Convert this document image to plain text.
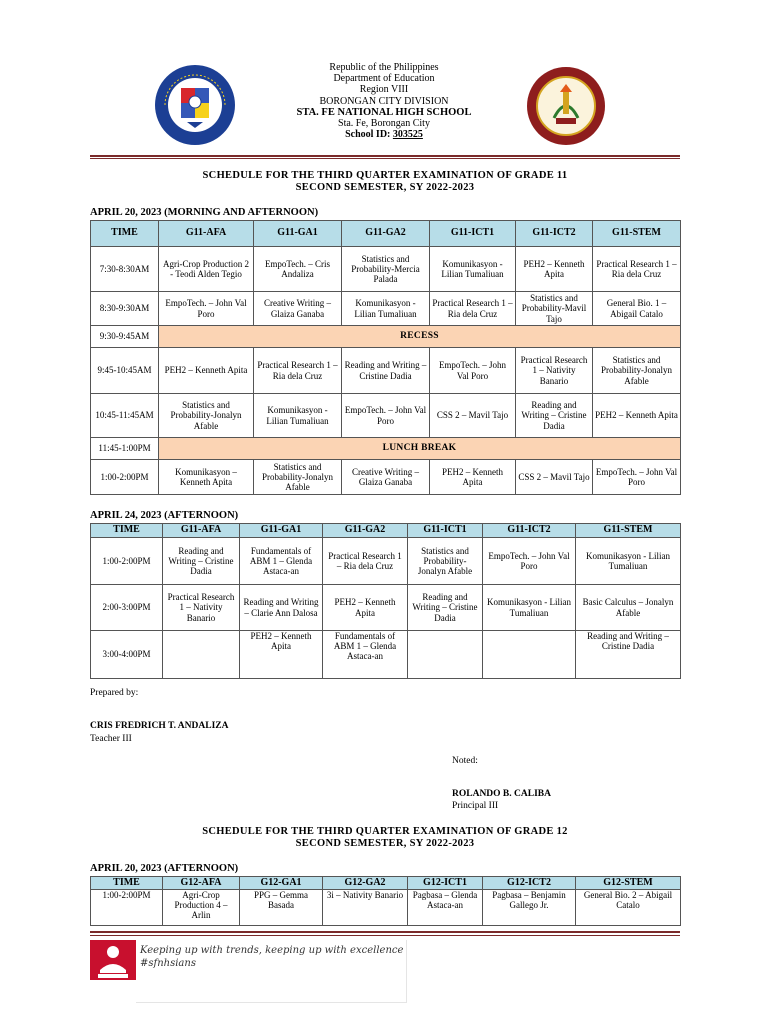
Republic of the Philippines
Department of Education
Region VIII
BORONGAN CITY DIVISION
STA. FE NATIONAL HIGH SCHOOL
Sta. Fe, Borongan City
School ID: 303525
SCHEDULE FOR THE THIRD QUARTER EXAMINATION OF GRADE 11
SECOND SEMESTER, SY 2022-2023
APRIL 20, 2023 (MORNING AND AFTERNOON)
TIME	G11-AFA	G11-GA1	G11-GA2	G11-ICT1	G11-ICT2	G11-STEM
7:30-8:30AM	Agri-Crop Production 2 - Teodi Alden Tegio	EmpoTech. – Cris Andaliza	Statistics and Probability-Mercia Palada	Komunikasyon - Lilian Tumaliuan	PEH2 – Kenneth Apita	Practical Research 1 – Ria dela Cruz
8:30-9:30AM	EmpoTech. – John Val Poro	Creative Writing – Glaiza Ganaba	Komunikasyon - Lilian Tumaliuan	Practical Research 1 – Ria dela Cruz	Statistics and Probability-Mavil Tajo	General Bio. 1 – Abigail Catalo
9:30-9:45AM	RECESS					
9:45-10:45AM	PEH2 – Kenneth Apita	Practical Research 1 – Ria dela Cruz	Reading and Writing – Cristine Dadia	EmpoTech. – John Val Poro	Practical Research 1 – Nativity Banario	Statistics and Probability-Jonalyn Afable
10:45-11:45AM	Statistics and Probability-Jonalyn Afable	Komunikasyon - Lilian Tumaliuan	EmpoTech. – John Val Poro	CSS 2 – Mavil Tajo	Reading and Writing – Cristine Dadia	PEH2 – Kenneth Apita
11:45-1:00PM	LUNCH BREAK					
1:00-2:00PM	Komunikasyon – Kenneth Apita	Statistics and Probability-Jonalyn Afable	Creative Writing – Glaiza Ganaba	PEH2 – Kenneth Apita	CSS 2 – Mavil Tajo	EmpoTech. – John Val Poro
APRIL 24, 2023 (AFTERNOON)
TIME	G11-AFA	G11-GA1	G11-GA2	G11-ICT1	G11-ICT2	G11-STEM
1:00-2:00PM	Reading and Writing – Cristine Dadia	Fundamentals of ABM 1 – Glenda Astaca-an	Practical Research 1 – Ria dela Cruz	Statistics and Probability-Jonalyn Afable	EmpoTech. – John Val Poro	Komunikasyon - Lilian Tumaliuan
2:00-3:00PM	Practical Research 1 – Nativity Banario	Reading and Writing – Clarie Ann Dalosa	PEH2 – Kenneth Apita	Reading and Writing – Cristine Dadia	Komunikasyon - Lilian Tumaliuan	Basic Calculus – Jonalyn Afable
3:00-4:00PM		PEH2 – Kenneth Apita	Fundamentals of ABM 1 – Glenda Astaca-an			Reading and Writing – Cristine Dadia
Prepared by:
CRIS FREDRICH T. ANDALIZA
Teacher III
Noted:
ROLANDO B. CALIBA
Principal III
SCHEDULE FOR THE THIRD QUARTER EXAMINATION OF GRADE 12
SECOND SEMESTER, SY 2022-2023
APRIL 20, 2023 (AFTERNOON)
TIME	G12-AFA	G12-GA1	G12-GA2	G12-ICT1	G12-ICT2	G12-STEM
1:00-2:00PM	Agri-Crop Production 4 – Arlin	PPG – Gemma Basada	3i – Nativity Banario	Pagbasa – Glenda Astaca-an	Pagbasa – Benjamin Gallego Jr.	General Bio. 2 – Abigail Catalo
Keeping up with trends, keeping up with excellence
#sfnhsians
